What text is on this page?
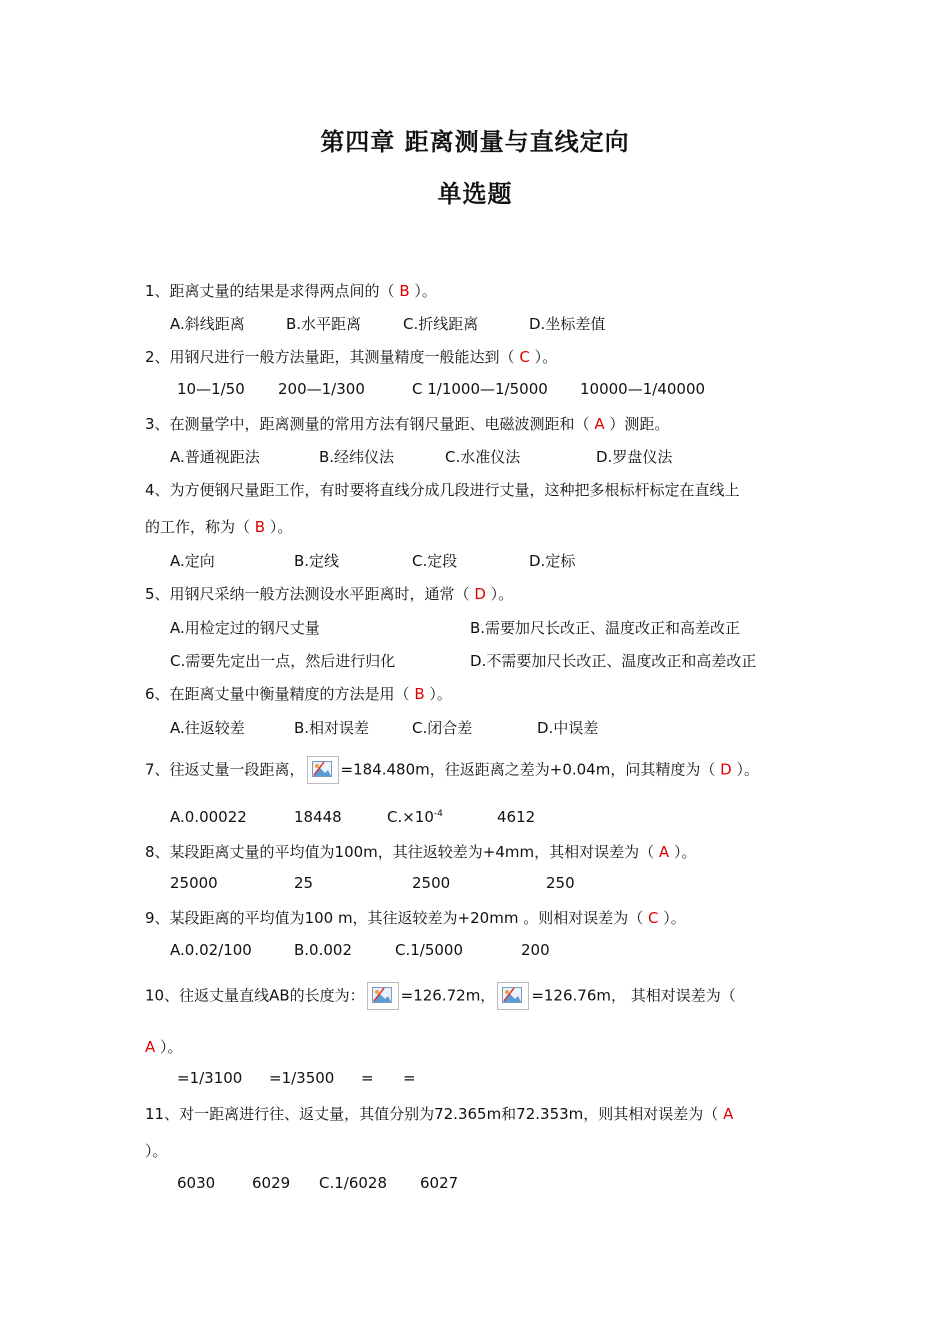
第四章 距离测量与直线定向
单选题
1、距离丈量的结果是求得两点间的（ B ）。
A.斜线距离	B.水平距离	C.折线距离	D.坐标差值
2、用钢尺进行一般方法量距，其测量精度一般能达到（ C ）。
10—1/50 200—1/300	C 1/1000—1/5000 10000—1/40000
3、在测量学中，距离测量的常用方法有钢尺量距、电磁波测距和（ A ）测距。
A.普通视距法	B.经纬仪法	C.水准仪法	D.罗盘仪法
4、为方便钢尺量距工作，有时要将直线分成几段进行丈量，这种把多根标杆标定在直线上
的工作，称为（ B ）。
A.定向	B.定线	C.定段	D.定标
5、用钢尺采纳一般方法测设水平距离时，通常（ D ）。
A.用检定过的钢尺丈量	B.需要加尺长改正、温度改正和高差改正
C.需要先定出一点，然后进行归化	D.不需要加尺长改正、温度改正和高差改正
6、在距离丈量中衡量精度的方法是用（ B ）。
A.往返较差	B.相对误差	C.闭合差	D.中误差
7、往返丈量一段距离， =184.480m，往返距离之差为+0.04m，问其精度为（ D ）。
A.0.00022	18448	$C.\times 10^{-4}$	4612
8、某段距离丈量的平均值为100m，其往返较差为+4mm，其相对误差为（ A ）。
25000	25	2500	250
9、某段距离的平均值为100 m，其往返较差为+20mm 。则相对误差为（ C ）。
A.0.02/100	B.0.002	C.1/5000	200
10、往返丈量直线AB的长度为： =126.72m， =126.76m， 其相对误差为（
A ）。
=1/3100 =1/3500 = =
11、对一距离进行往、返丈量，其值分别为72.365m和72.353m，则其相对误差为（ A
）。
6030 6029 C.1/6028 6027
